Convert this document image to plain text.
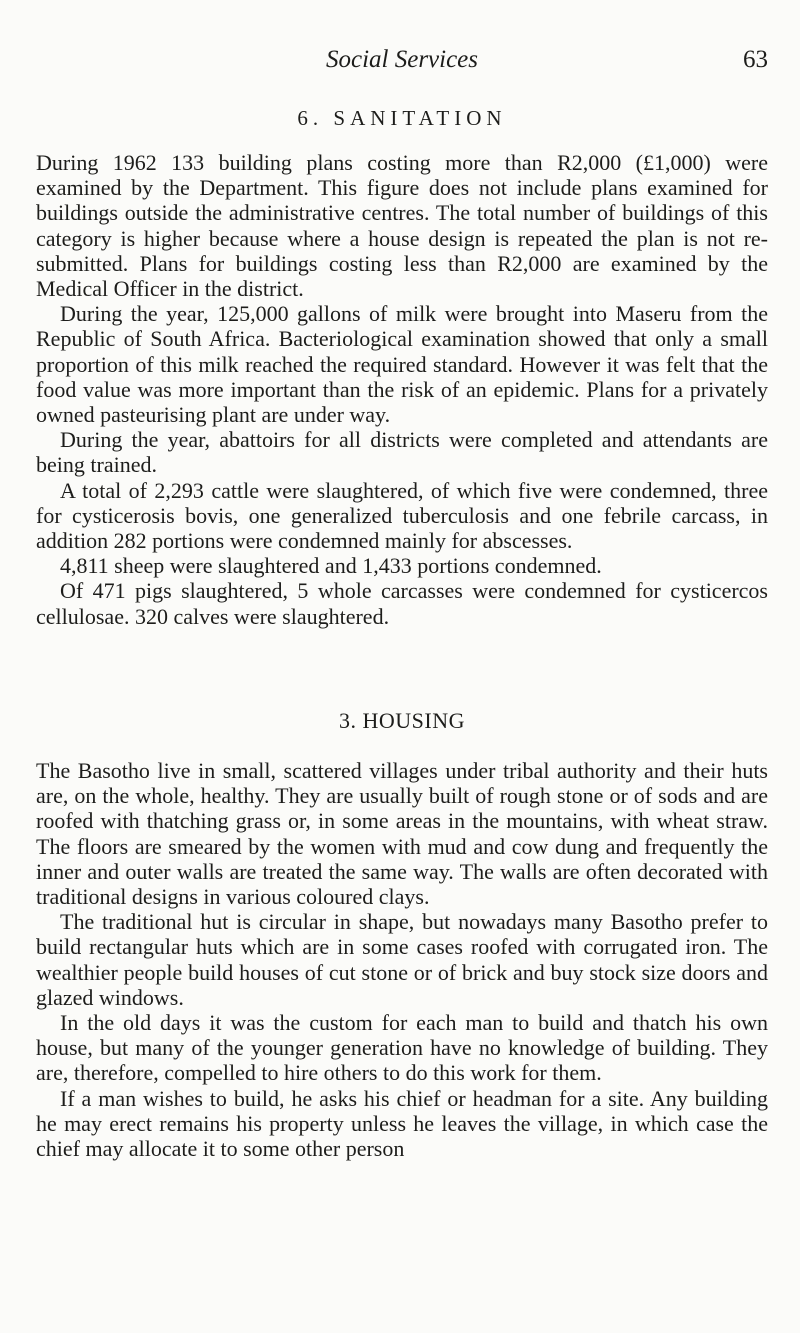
Social Services	63
6. SANITATION

During 1962 133 building plans costing more than R2,000 (£1,000) were examined by the Department. This figure does not include plans examined for buildings outside the administrative centres. The total number of buildings of this category is higher because where a house design is repeated the plan is not re-submitted. Plans for buildings costing less than R2,000 are examined by the Medical Officer in the district.

During the year, 125,000 gallons of milk were brought into Maseru from the Republic of South Africa. Bacteriological examination showed that only a small proportion of this milk reached the required standard. However it was felt that the food value was more important than the risk of an epidemic. Plans for a privately owned pasteurising plant are under way.

During the year, abattoirs for all districts were completed and attendants are being trained.

A total of 2,293 cattle were slaughtered, of which five were condemned, three for cysticerosis bovis, one generalized tuberculosis and one febrile carcass, in addition 282 portions were condemned mainly for abscesses.

4,811 sheep were slaughtered and 1,433 portions condemned.

Of 471 pigs slaughtered, 5 whole carcasses were condemned for cysticercos cellulosae. 320 calves were slaughtered.

3. HOUSING

The Basotho live in small, scattered villages under tribal authority and their huts are, on the whole, healthy. They are usually built of rough stone or of sods and are roofed with thatching grass or, in some areas in the mountains, with wheat straw. The floors are smeared by the women with mud and cow dung and frequently the inner and outer walls are treated the same way. The walls are often decorated with traditional designs in various coloured clays.

The traditional hut is circular in shape, but nowadays many Basotho prefer to build rectangular huts which are in some cases roofed with corrugated iron. The wealthier people build houses of cut stone or of brick and buy stock size doors and glazed windows.

In the old days it was the custom for each man to build and thatch his own house, but many of the younger generation have no knowledge of building. They are, therefore, compelled to hire others to do this work for them.

If a man wishes to build, he asks his chief or headman for a site. Any building he may erect remains his property unless he leaves the village, in which case the chief may allocate it to some other person
